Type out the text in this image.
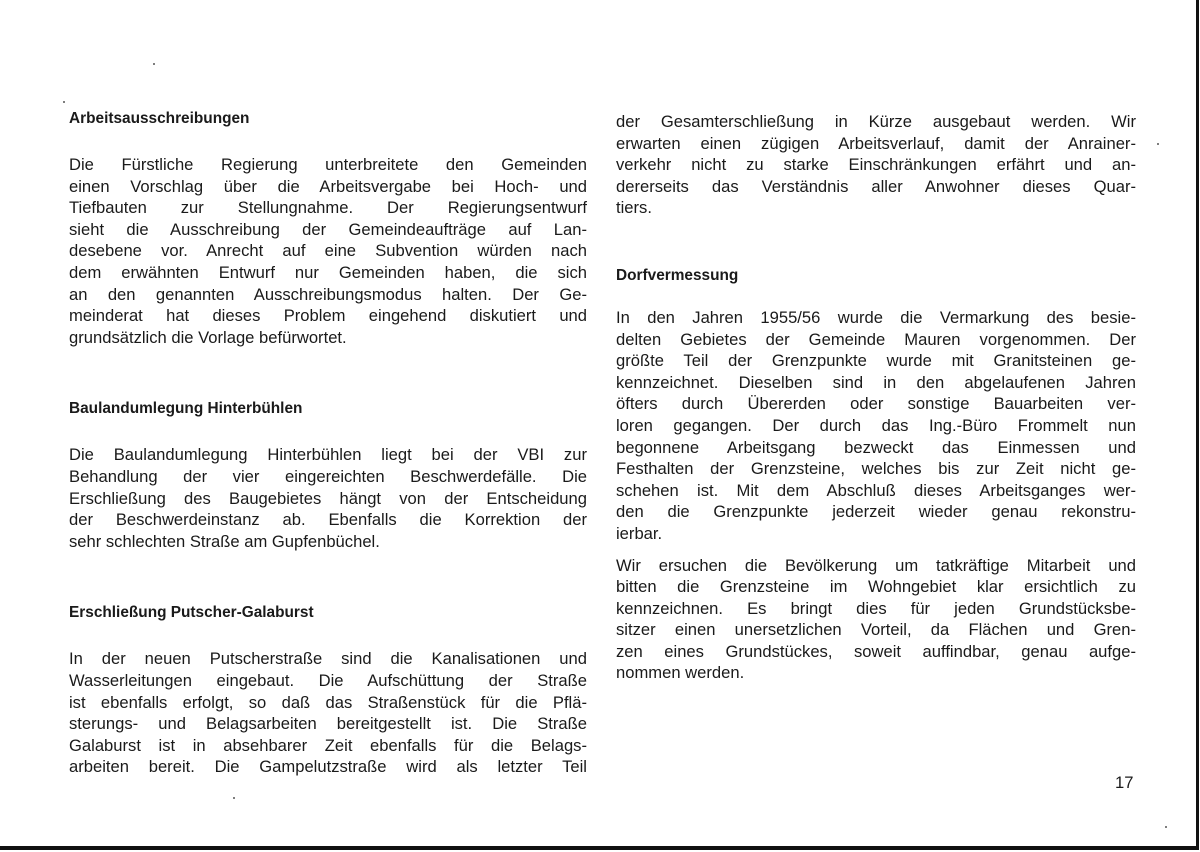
Arbeitsausschreibungen

Die Fürstliche Regierung unterbreitete den Gemeinden
einen Vorschlag über die Arbeitsvergabe bei Hoch- und
Tiefbauten zur Stellungnahme. Der Regierungsentwurf
sieht die Ausschreibung der Gemeindeaufträge auf Lan-
desebene vor. Anrecht auf eine Subvention würden nach
dem erwähnten Entwurf nur Gemeinden haben, die sich
an den genannten Ausschreibungsmodus halten. Der Ge-
meinderat hat dieses Problem eingehend diskutiert und
grundsätzlich die Vorlage befürwortet.

Baulandumlegung Hinterbühlen

Die Baulandumlegung Hinterbühlen liegt bei der VBI zur
Behandlung der vier eingereichten Beschwerdefälle. Die
Erschließung des Baugebietes hängt von der Entscheidung
der Beschwerdeinstanz ab. Ebenfalls die Korrektion der
sehr schlechten Straße am Gupfenbüchel.

Erschließung Putscher-Galaburst

In der neuen Putscherstraße sind die Kanalisationen und
Wasserleitungen eingebaut. Die Aufschüttung der Straße
ist ebenfalls erfolgt, so daß das Straßenstück für die Pflä-
sterungs- und Belagsarbeiten bereitgestellt ist. Die Straße
Galaburst ist in absehbarer Zeit ebenfalls für die Belags-
arbeiten bereit. Die Gampelutzstraße wird als letzter Teil

der Gesamterschließung in Kürze ausgebaut werden. Wir
erwarten einen zügigen Arbeitsverlauf, damit der Anrainer-
verkehr nicht zu starke Einschränkungen erfährt und an-
dererseits das Verständnis aller Anwohner dieses Quar-
tiers.

Dorfvermessung

In den Jahren 1955/56 wurde die Vermarkung des besie-
delten Gebietes der Gemeinde Mauren vorgenommen. Der
größte Teil der Grenzpunkte wurde mit Granitsteinen ge-
kennzeichnet. Dieselben sind in den abgelaufenen Jahren
öfters durch Übererden oder sonstige Bauarbeiten ver-
loren gegangen. Der durch das Ing.-Büro Frommelt nun
begonnene Arbeitsgang bezweckt das Einmessen und
Festhalten der Grenzsteine, welches bis zur Zeit nicht ge-
schehen ist. Mit dem Abschluß dieses Arbeitsganges wer-
den die Grenzpunkte jederzeit wieder genau rekonstru-
ierbar.

Wir ersuchen die Bevölkerung um tatkräftige Mitarbeit und
bitten die Grenzsteine im Wohngebiet klar ersichtlich zu
kennzeichnen. Es bringt dies für jeden Grundstücksbe-
sitzer einen unersetzlichen Vorteil, da Flächen und Gren-
zen eines Grundstückes, soweit auffindbar, genau aufge-
nommen werden.

17
